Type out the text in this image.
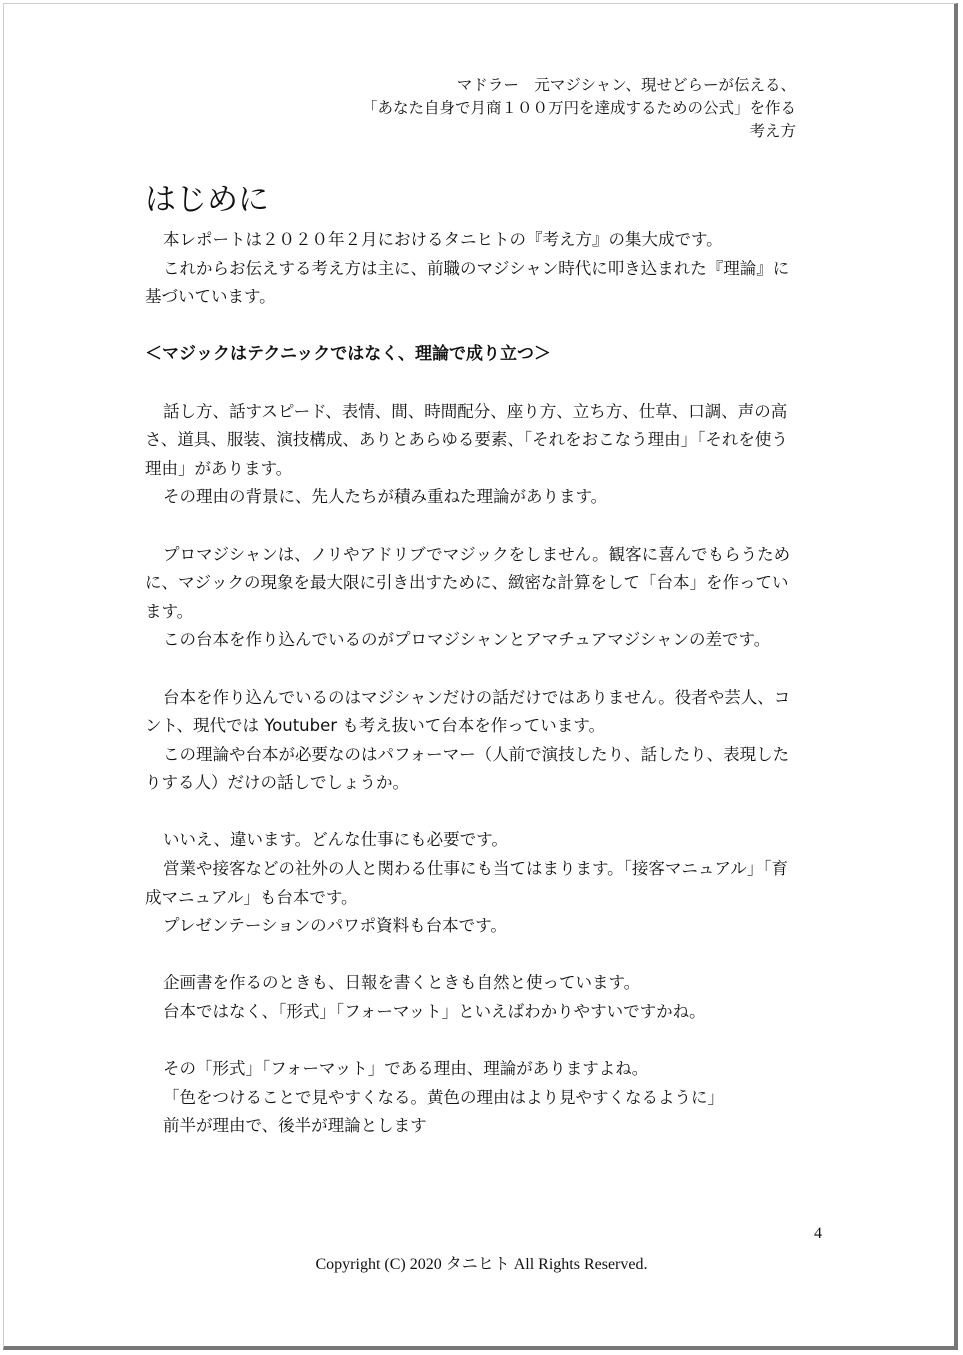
マドラー　元マジシャン、現せどらーが伝える、
「あなた自身で月商１００万円を達成するための公式」を作る
考え方
はじめに
本レポートは２０２０年２月におけるタニヒトの『考え方』の集大成です。
これからお伝えする考え方は主に、前職のマジシャン時代に叩き込まれた『理論』に
基づいています。
＜マジックはテクニックではなく、理論で成り立つ＞
話し方、話すスピード、表情、間、時間配分、座り方、立ち方、仕草、口調、声の高
さ、道具、服装、演技構成、ありとあらゆる要素、「それをおこなう理由」「それを使う
理由」があります。
その理由の背景に、先人たちが積み重ねた理論があります。
プロマジシャンは、ノリやアドリブでマジックをしません。観客に喜んでもらうため
に、マジックの現象を最大限に引き出すために、緻密な計算をして「台本」を作ってい
ます。
この台本を作り込んでいるのがプロマジシャンとアマチュアマジシャンの差です。
台本を作り込んでいるのはマジシャンだけの話だけではありません。役者や芸人、コ
ント、現代では Youtuber も考え抜いて台本を作っています。
この理論や台本が必要なのはパフォーマー（人前で演技したり、話したり、表現した
りする人）だけの話しでしょうか。
いいえ、違います。どんな仕事にも必要です。
営業や接客などの社外の人と関わる仕事にも当てはまります。「接客マニュアル」「育
成マニュアル」も台本です。
プレゼンテーションのパワポ資料も台本です。
企画書を作るのときも、日報を書くときも自然と使っています。
台本ではなく、「形式」「フォーマット」といえばわかりやすいですかね。
その「形式」「フォーマット」である理由、理論がありますよね。
「色をつけることで見やすくなる。黄色の理由はより見やすくなるように」
前半が理由で、後半が理論とします
4
Copyright (C) 2020 タニヒト All Rights Reserved.
